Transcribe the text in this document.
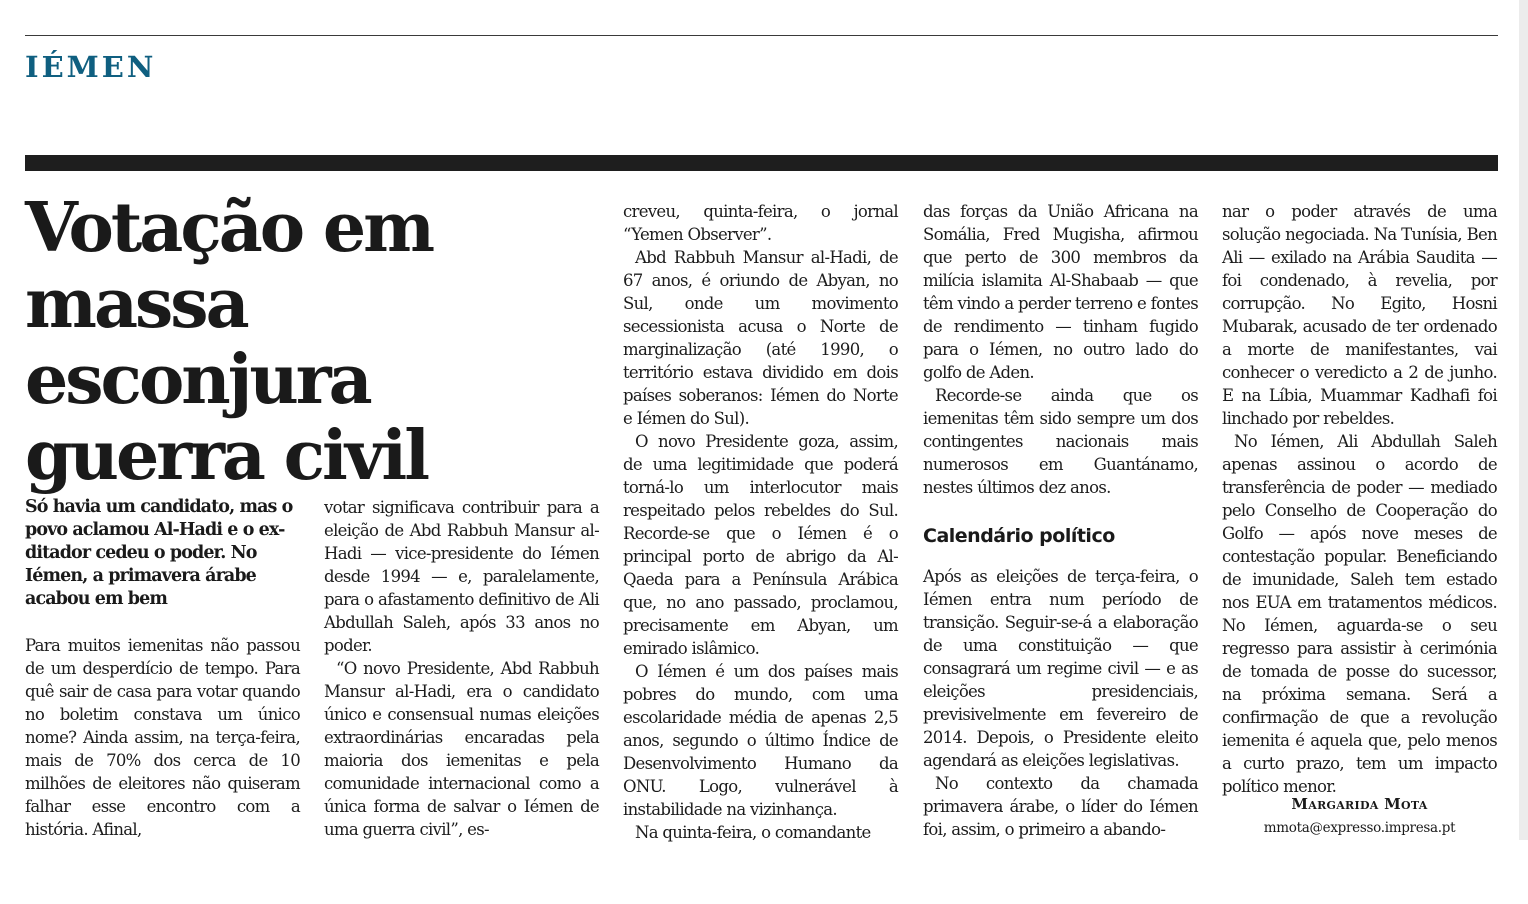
IÉMEN
Votação em massa esconjura guerra civil

Só havia um candidato, mas o povo aclamou Al-Hadi e o ex-ditador cedeu o poder. No Iémen, a primavera árabe acabou em bem

Para muitos iemenitas não passou de um desperdício de tempo. Para quê sair de casa para votar quando no boletim constava um único nome? Ainda assim, na terça-feira, mais de 70% dos cerca de 10 milhões de eleitores não quiseram falhar esse encontro com a história. Afinal,

votar significava contribuir para a eleição de Abd Rabbuh Mansur al-Hadi — vice-presidente do Iémen desde 1994 — e, paralelamente, para o afastamento definitivo de Ali Abdullah Saleh, após 33 anos no poder.

“O novo Presidente, Abd Rabbuh Mansur al-Hadi, era o candidato único e consensual numas eleições extraordinárias encaradas pela maioria dos iemenitas e pela comunidade internacional como a única forma de salvar o Iémen de uma guerra civil”, es-

creveu, quinta-feira, o jornal “Yemen Observer”.

Abd Rabbuh Mansur al-Hadi, de 67 anos, é oriundo de Abyan, no Sul, onde um movimento secessionista acusa o Norte de marginalização (até 1990, o território estava dividido em dois países soberanos: Iémen do Norte e Iémen do Sul).

O novo Presidente goza, assim, de uma legitimidade que poderá torná-lo um interlocutor mais respeitado pelos rebeldes do Sul. Recorde-se que o Iémen é o principal porto de abrigo da Al-Qaeda para a Península Arábica que, no ano passado, proclamou, precisamente em Abyan, um emirado islâmico.

O Iémen é um dos países mais pobres do mundo, com uma escolaridade média de apenas 2,5 anos, segundo o último Índice de Desenvolvimento Humano da ONU. Logo, vulnerável à instabilidade na vizinhança.

Na quinta-feira, o comandante

das forças da União Africana na Somália, Fred Mugisha, afirmou que perto de 300 membros da milícia islamita Al-Shabaab — que têm vindo a perder terreno e fontes de rendimento — tinham fugido para o Iémen, no outro lado do golfo de Aden.

Recorde-se ainda que os iemenitas têm sido sempre um dos contingentes nacionais mais numerosos em Guantánamo, nestes últimos dez anos.

Calendário político

Após as eleições de terça-feira, o Iémen entra num período de transição. Seguir-se-á a elaboração de uma constituição — que consagrará um regime civil — e as eleições presidenciais, previsivelmente em fevereiro de 2014. Depois, o Presidente eleito agendará as eleições legislativas.

No contexto da chamada primavera árabe, o líder do Iémen foi, assim, o primeiro a abando-

nar o poder através de uma solução negociada. Na Tunísia, Ben Ali — exilado na Arábia Saudita — foi condenado, à revelia, por corrupção. No Egito, Hosni Mubarak, acusado de ter ordenado a morte de manifestantes, vai conhecer o veredicto a 2 de junho. E na Líbia, Muammar Kadhafi foi linchado por rebeldes.

No Iémen, Ali Abdullah Saleh apenas assinou o acordo de transferência de poder — mediado pelo Conselho de Cooperação do Golfo — após nove meses de contestação popular. Beneficiando de imunidade, Saleh tem estado nos EUA em tratamentos médicos. No Iémen, aguarda-se o seu regresso para assistir à cerimónia de tomada de posse do sucessor, na próxima semana. Será a confirmação de que a revolução iemenita é aquela que, pelo menos a curto prazo, tem um impacto político menor.

Margarida Mota
mmota@expresso.impresa.pt
